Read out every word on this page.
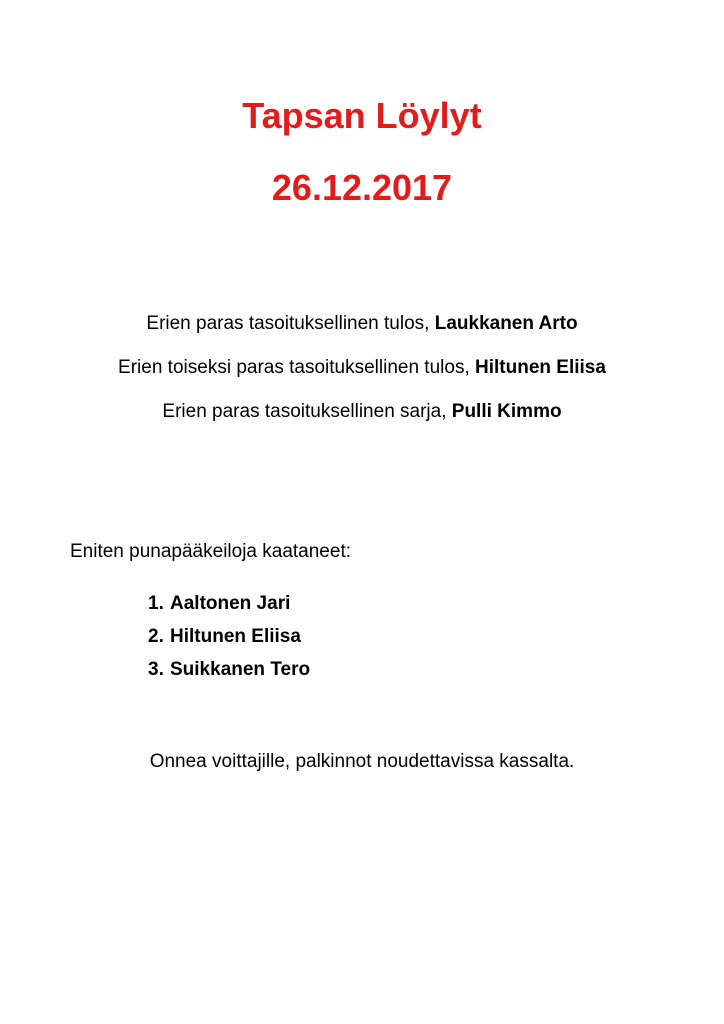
Tapsan Löylyt
26.12.2017
Erien paras tasoituksellinen tulos, Laukkanen Arto
Erien toiseksi paras tasoituksellinen tulos, Hiltunen Eliisa
Erien paras tasoituksellinen sarja, Pulli Kimmo
Eniten punapääkeiloja kaataneet:
1. Aaltonen Jari
2. Hiltunen Eliisa
3. Suikkanen Tero
Onnea voittajille, palkinnot noudettavissa kassalta.
